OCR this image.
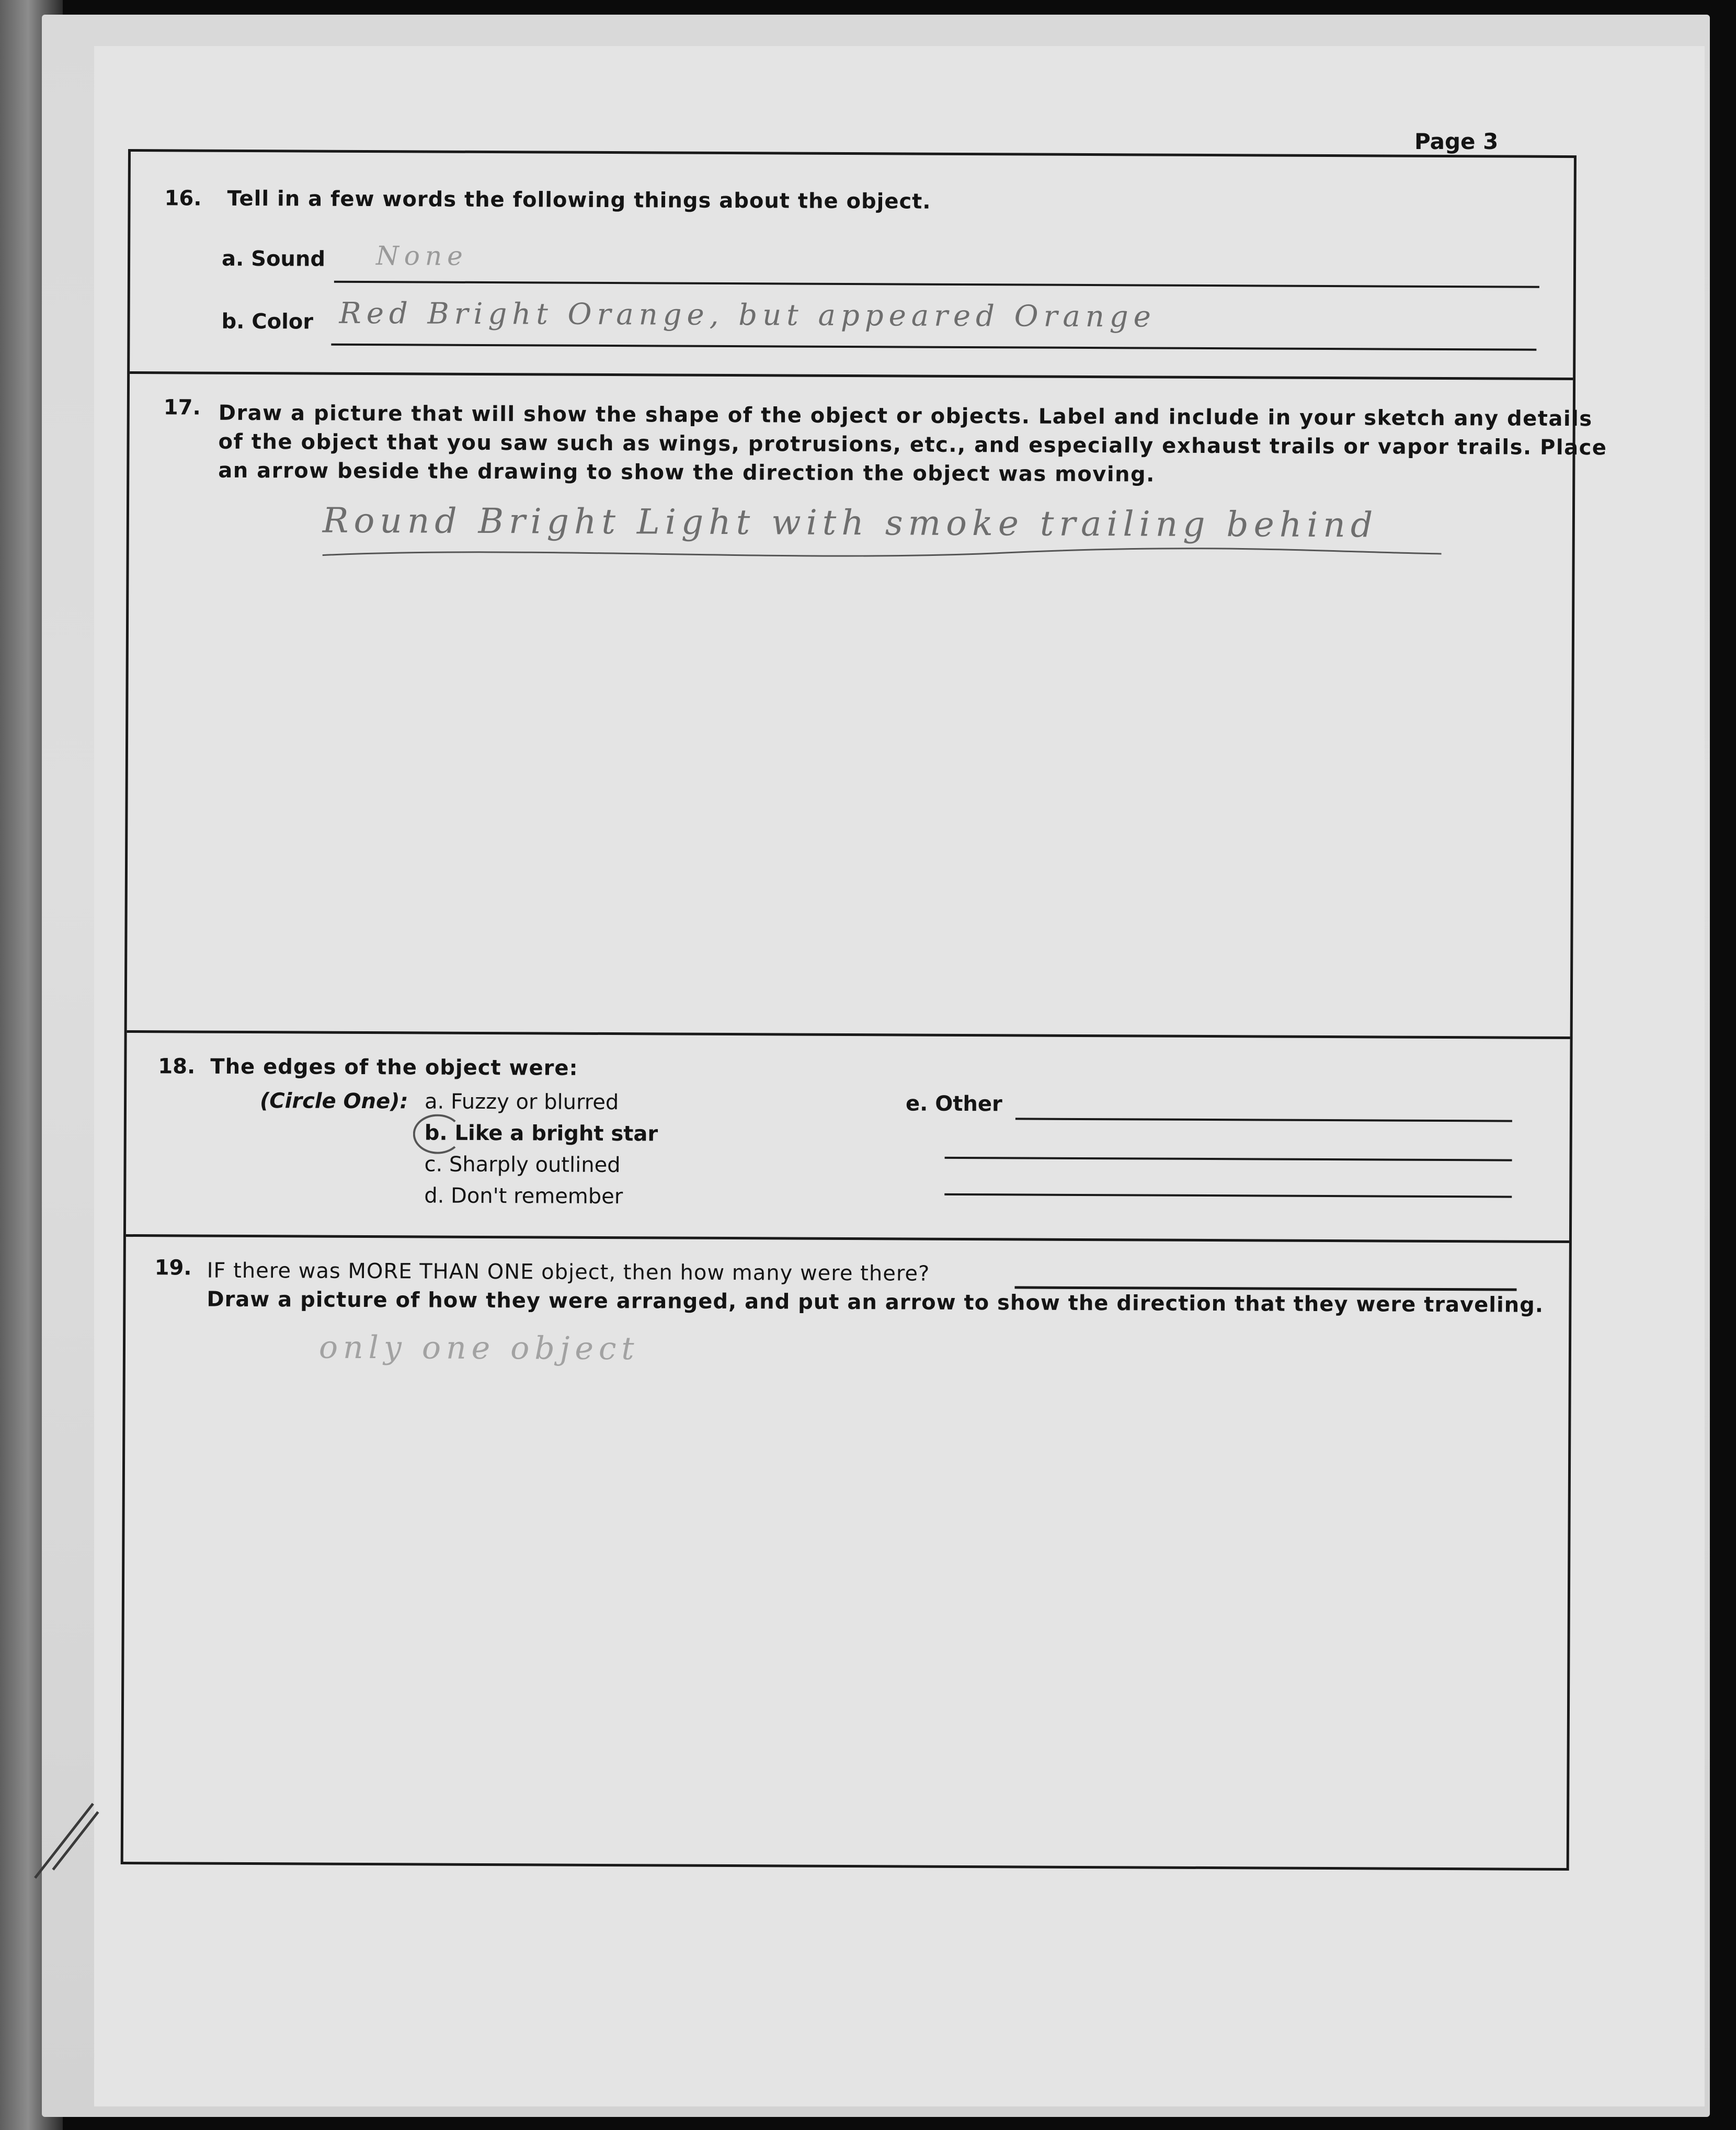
Page 3
16. Tell in a few words the following things about the object.
a. Sound None
b. Color Red Bright Orange, but appeared Orange
17. Draw a picture that will show the shape of the object or objects. Label and include in your sketch any details
of the object that you saw such as wings, protrusions, etc., and especially exhaust trails or vapor trails. Place
an arrow beside the drawing to show the direction the object was moving.
Round Bright Light with smoke trailing behind
18. The edges of the object were:
(Circle One): a. Fuzzy or blurred
b. Like a bright star
c. Sharply outlined
d. Don't remember
e. Other
19. IF there was MORE THAN ONE object, then how many were there?
Draw a picture of how they were arranged, and put an arrow to show the direction that they were traveling.
only one object
